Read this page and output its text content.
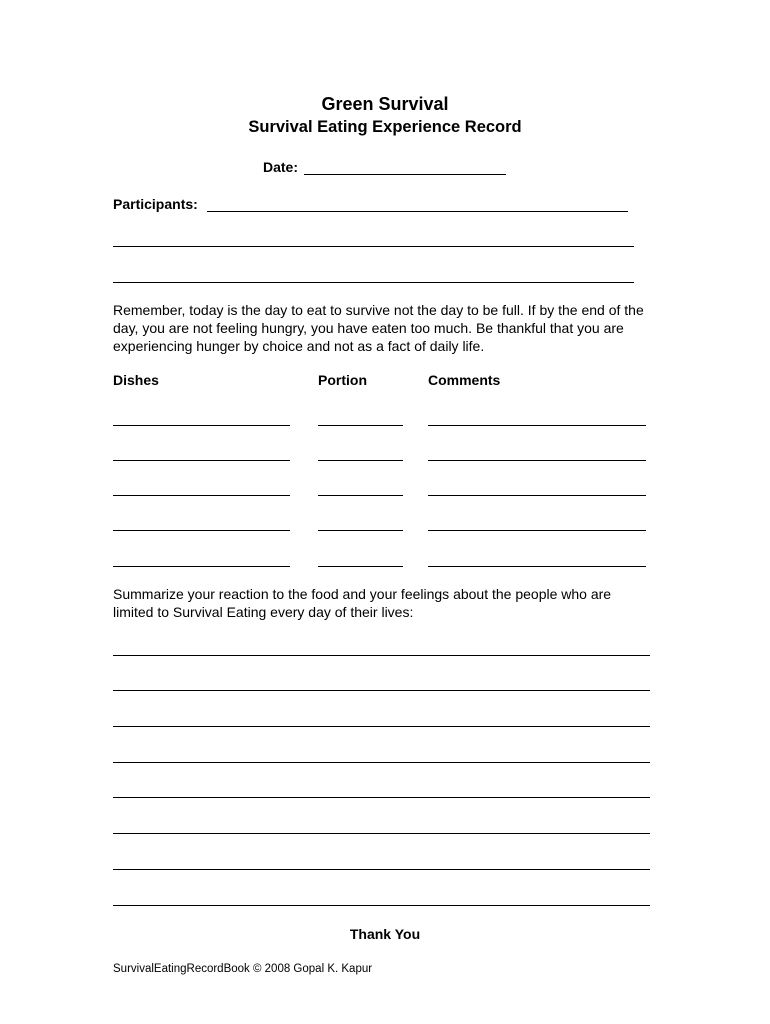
Green Survival
Survival Eating Experience Record
Date:
Participants:
Remember, today is the day to eat to survive not the day to be full. If by the end of the day, you are not feeling hungry, you have eaten too much. Be thankful that you are experiencing hunger by choice and not as a fact of daily life.
Dishes	Portion	Comments
Summarize your reaction to the food and your feelings about the people who are
limited to Survival Eating every day of their lives:
Thank You
SurvivalEatingRecordBook © 2008 Gopal K. Kapur
